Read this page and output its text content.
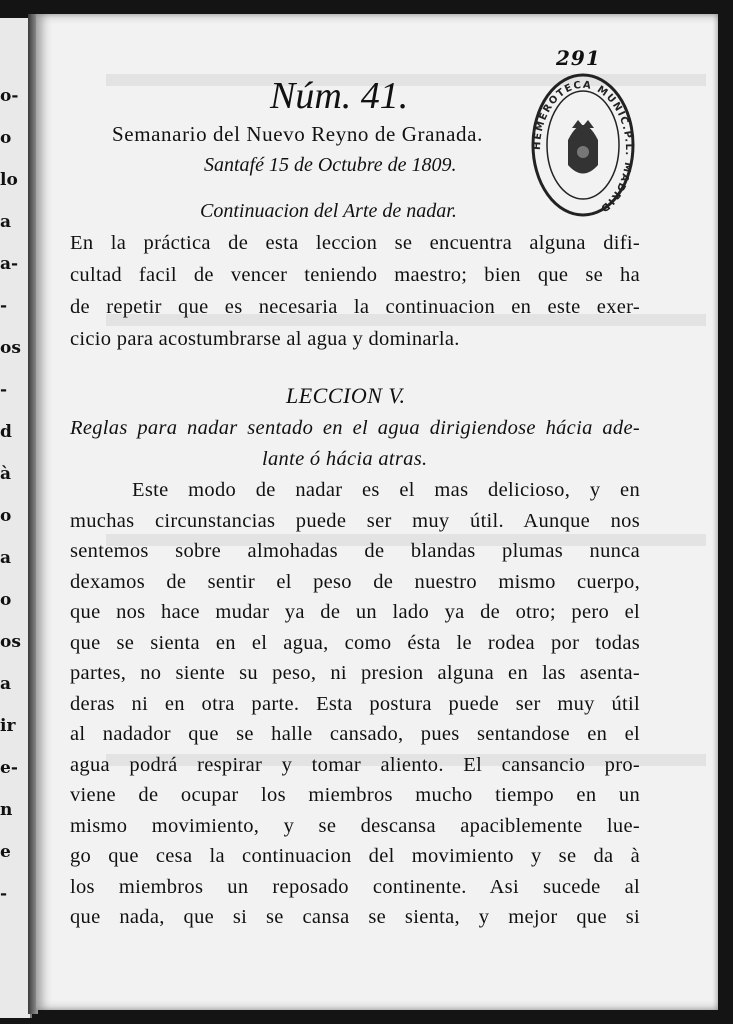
o-
o
lo
a
a-
-
os
-
d
à
o
a
o
os
a
ir
e-
n
e
-
291
Núm. 41.
Semanario del Nuevo Reyno de Granada.
Santafé 15 de Octubre de 1809.
HEMEROTECA MUNIC.P.L. MADRID
Continuacion del Arte de nadar.
En la práctica de esta leccion se encuentra alguna difi-
cultad facil de vencer teniendo maestro; bien que se ha
de repetir que es necesaria la continuacion en este exer-
cicio para acostumbrarse al agua y dominarla.
LECCION V.
Reglas para nadar sentado en el agua dirigiendose hácia ade-
lante ó hácia atras.
Este modo de nadar es el mas delicioso, y en
muchas circunstancias puede ser muy útil. Aunque nos
sentemos sobre almohadas de blandas plumas nunca
dexamos de sentir el peso de nuestro mismo cuerpo,
que nos hace mudar ya de un lado ya de otro; pero el
que se sienta en el agua, como ésta le rodea por todas
partes, no siente su peso, ni presion alguna en las asenta-
deras ni en otra parte. Esta postura puede ser muy útil
al nadador que se halle cansado, pues sentandose en el
agua podrá respirar y tomar aliento. El cansancio pro-
viene de ocupar los miembros mucho tiempo en un
mismo movimiento, y se descansa apaciblemente lue-
go que cesa la continuacion del movimiento y se da à
los miembros un reposado continente. Asi sucede al
que nada, que si se cansa se sienta, y mejor que si
